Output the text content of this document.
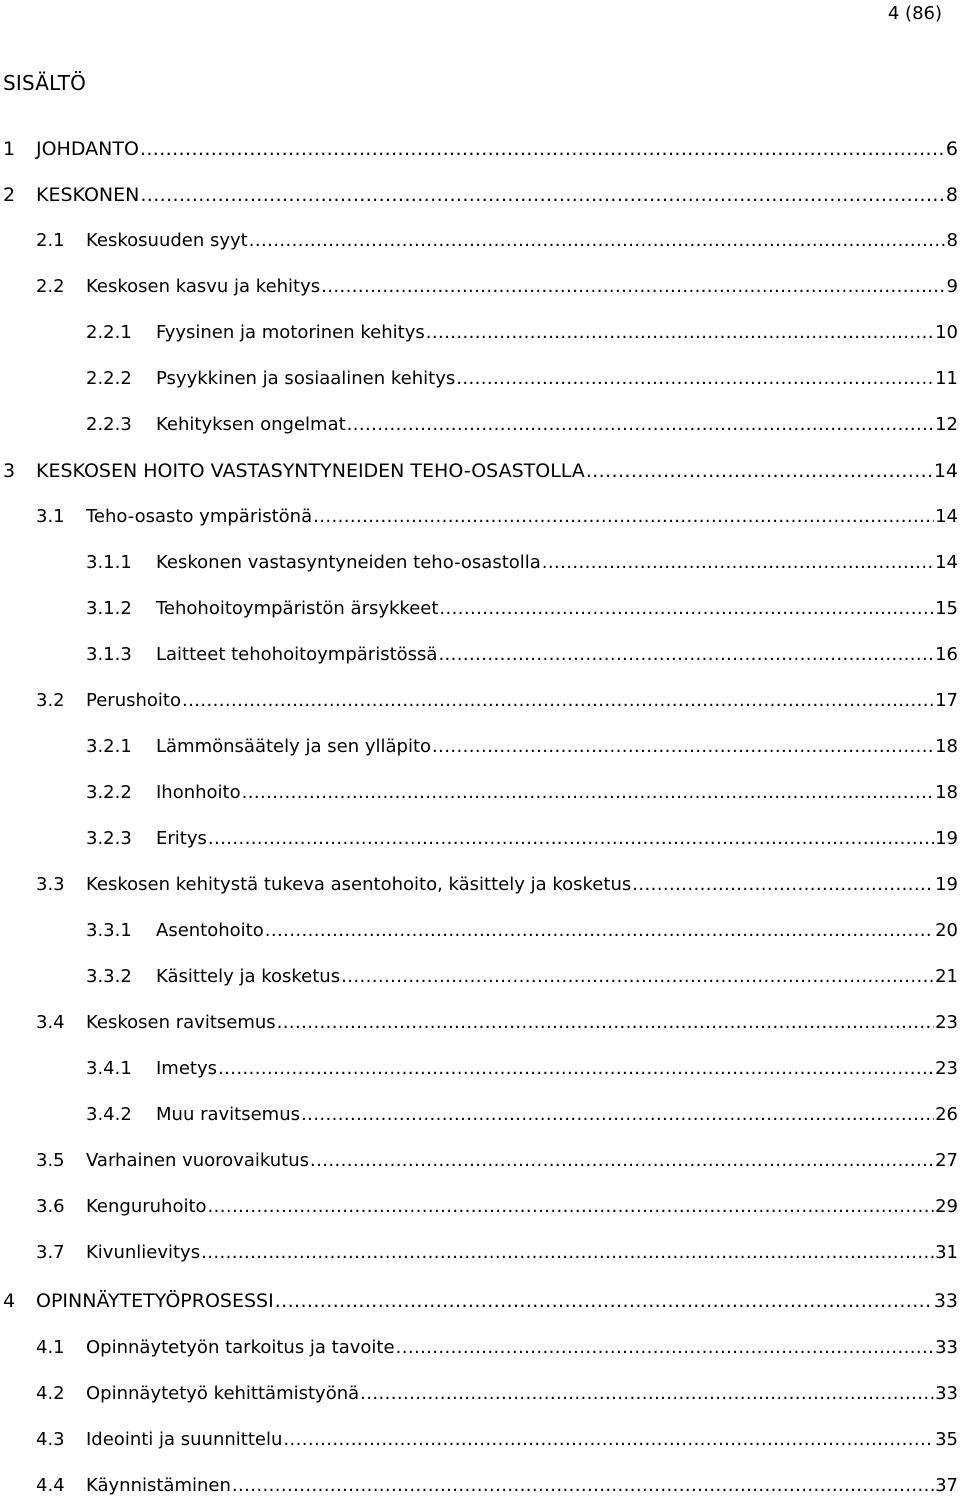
4 (86)
SISÄLTÖ
1	JOHDANTO .....	6
2	KESKONEN .....	8
2.1	Keskosuuden syyt .....	8
2.2	Keskosen kasvu ja kehitys .....	9
2.2.1	Fyysinen ja motorinen kehitys .....	10
2.2.2	Psyykkinen ja sosiaalinen kehitys .....	11
2.2.3	Kehityksen ongelmat .....	12
3	KESKOSEN HOITO VASTASYNTYNEIDEN TEHO-OSASTOLLA .....	14
3.1	Teho-osasto ympäristönä .....	14
3.1.1	Keskonen vastasyntyneiden teho-osastolla .....	14
3.1.2	Tehohoitoympäristön ärsykkeet .....	15
3.1.3	Laitteet tehohoitoympäristössä .....	16
3.2	Perushoito .....	17
3.2.1	Lämmönsäätely ja sen ylläpito .....	18
3.2.2	Ihonhoito .....	18
3.2.3	Eritys .....	19
3.3	Keskosen kehitystä tukeva asentohoito, käsittely ja kosketus .....	19
3.3.1	Asentohoito .....	20
3.3.2	Käsittely ja kosketus .....	21
3.4	Keskosen ravitsemus .....	23
3.4.1	Imetys .....	23
3.4.2	Muu ravitsemus .....	26
3.5	Varhainen vuorovaikutus .....	27
3.6	Kenguruhoito .....	29
3.7	Kivunlievitys .....	31
4	OPINNÄYTETYÖPROSESSI .....	33
4.1	Opinnäytetyön tarkoitus ja tavoite .....	33
4.2	Opinnäytetyö kehittämistyönä .....	33
4.3	Ideointi ja suunnittelu .....	35
4.4	Käynnistäminen .....	37
